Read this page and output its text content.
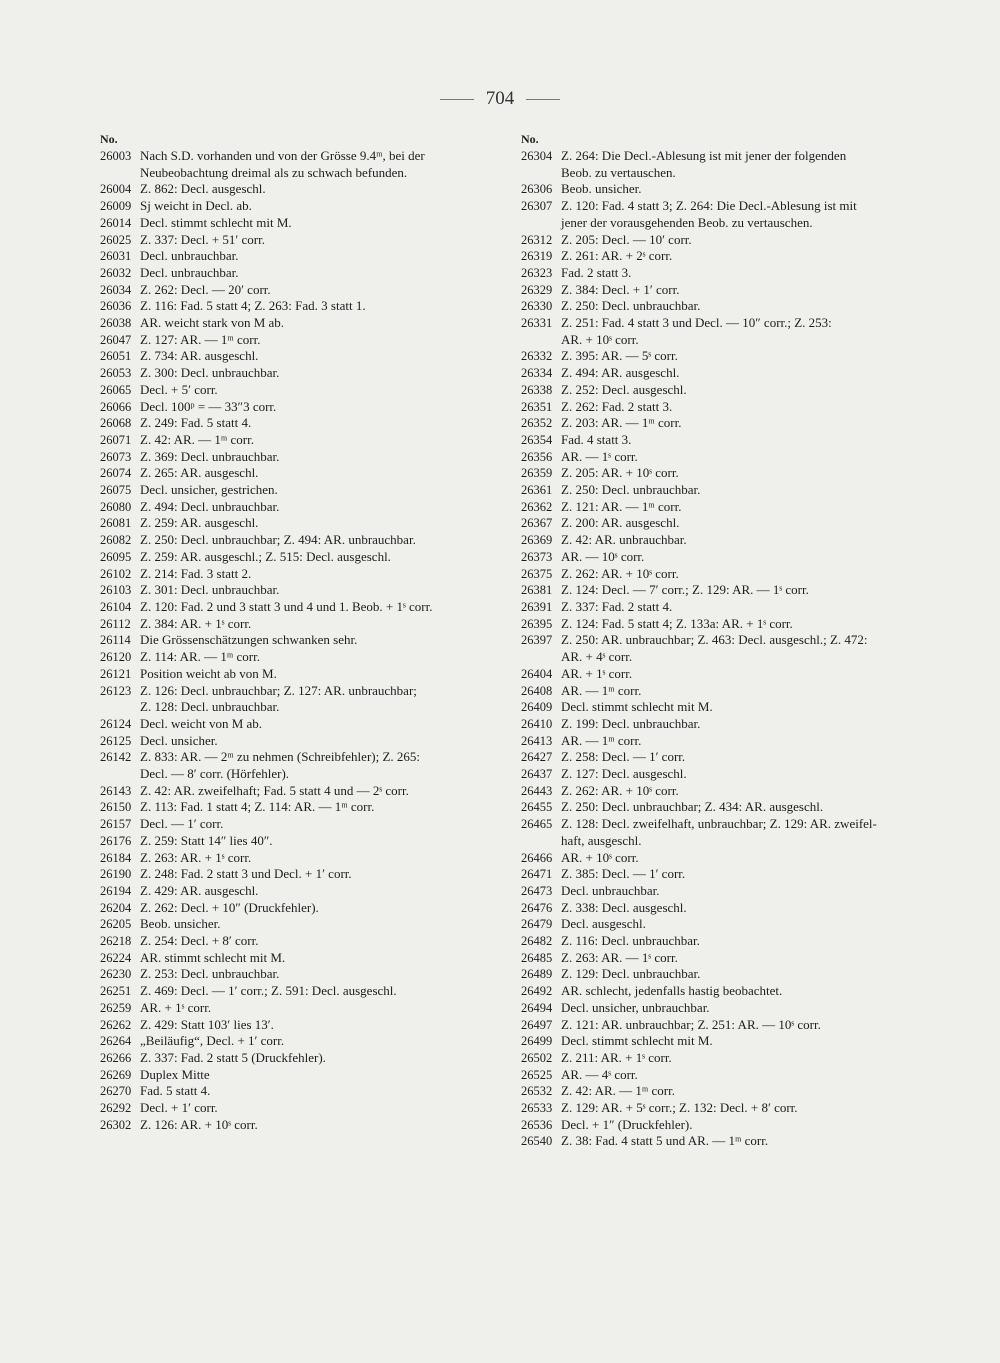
704
No.
26003 Nach S.D. vorhanden und von der Grösse 9.4ᵐ, bei der
Neubeobachtung dreimal als zu schwach befunden.
26004 Z. 862: Decl. ausgeschl.
26009 Sj weicht in Decl. ab.
26014 Decl. stimmt schlecht mit M.
26025 Z. 337: Decl. + 51′ corr.
26031 Decl. unbrauchbar.
26032 Decl. unbrauchbar.
26034 Z. 262: Decl. — 20′ corr.
26036 Z. 116: Fad. 5 statt 4; Z. 263: Fad. 3 statt 1.
26038 AR. weicht stark von M ab.
26047 Z. 127: AR. — 1ᵐ corr.
26051 Z. 734: AR. ausgeschl.
26053 Z. 300: Decl. unbrauchbar.
26065 Decl. + 5′ corr.
26066 Decl. 100ᵖ = — 33″3 corr.
26068 Z. 249: Fad. 5 statt 4.
26071 Z. 42: AR. — 1ᵐ corr.
26073 Z. 369: Decl. unbrauchbar.
26074 Z. 265: AR. ausgeschl.
26075 Decl. unsicher, gestrichen.
26080 Z. 494: Decl. unbrauchbar.
26081 Z. 259: AR. ausgeschl.
26082 Z. 250: Decl. unbrauchbar; Z. 494: AR. unbrauchbar.
26095 Z. 259: AR. ausgeschl.; Z. 515: Decl. ausgeschl.
26102 Z. 214: Fad. 3 statt 2.
26103 Z. 301: Decl. unbrauchbar.
26104 Z. 120: Fad. 2 und 3 statt 3 und 4 und 1. Beob. + 1ˢ corr.
26112 Z. 384: AR. + 1ˢ corr.
26114 Die Grössenschätzungen schwanken sehr.
26120 Z. 114: AR. — 1ᵐ corr.
26121 Position weicht ab von M.
26123 Z. 126: Decl. unbrauchbar; Z. 127: AR. unbrauchbar;
Z. 128: Decl. unbrauchbar.
26124 Decl. weicht von M ab.
26125 Decl. unsicher.
26142 Z. 833: AR. — 2ᵐ zu nehmen (Schreibfehler); Z. 265:
Decl. — 8′ corr. (Hörfehler).
26143 Z. 42: AR. zweifelhaft; Fad. 5 statt 4 und — 2ˢ corr.
26150 Z. 113: Fad. 1 statt 4; Z. 114: AR. — 1ᵐ corr.
26157 Decl. — 1′ corr.
26176 Z. 259: Statt 14″ lies 40″.
26184 Z. 263: AR. + 1ˢ corr.
26190 Z. 248: Fad. 2 statt 3 und Decl. + 1′ corr.
26194 Z. 429: AR. ausgeschl.
26204 Z. 262: Decl. + 10″ (Druckfehler).
26205 Beob. unsicher.
26218 Z. 254: Decl. + 8′ corr.
26224 AR. stimmt schlecht mit M.
26230 Z. 253: Decl. unbrauchbar.
26251 Z. 469: Decl. — 1′ corr.; Z. 591: Decl. ausgeschl.
26259 AR. + 1ˢ corr.
26262 Z. 429: Statt 103′ lies 13′.
26264 „Beiläufig“, Decl. + 1′ corr.
26266 Z. 337: Fad. 2 statt 5 (Druckfehler).
26269 Duplex Mitte
26270 Fad. 5 statt 4.
26292 Decl. + 1′ corr.
26302 Z. 126: AR. + 10ˢ corr.
No.
26304 Z. 264: Die Decl.-Ablesung ist mit jener der folgenden
Beob. zu vertauschen.
26306 Beob. unsicher.
26307 Z. 120: Fad. 4 statt 3; Z. 264: Die Decl.-Ablesung ist mit
jener der vorausgehenden Beob. zu vertauschen.
26312 Z. 205: Decl. — 10′ corr.
26319 Z. 261: AR. + 2ˢ corr.
26323 Fad. 2 statt 3.
26329 Z. 384: Decl. + 1′ corr.
26330 Z. 250: Decl. unbrauchbar.
26331 Z. 251: Fad. 4 statt 3 und Decl. — 10″ corr.; Z. 253:
AR. + 10ˢ corr.
26332 Z. 395: AR. — 5ˢ corr.
26334 Z. 494: AR. ausgeschl.
26338 Z. 252: Decl. ausgeschl.
26351 Z. 262: Fad. 2 statt 3.
26352 Z. 203: AR. — 1ᵐ corr.
26354 Fad. 4 statt 3.
26356 AR. — 1ˢ corr.
26359 Z. 205: AR. + 10ˢ corr.
26361 Z. 250: Decl. unbrauchbar.
26362 Z. 121: AR. — 1ᵐ corr.
26367 Z. 200: AR. ausgeschl.
26369 Z. 42: AR. unbrauchbar.
26373 AR. — 10ˢ corr.
26375 Z. 262: AR. + 10ˢ corr.
26381 Z. 124: Decl. — 7′ corr.; Z. 129: AR. — 1ˢ corr.
26391 Z. 337: Fad. 2 statt 4.
26395 Z. 124: Fad. 5 statt 4; Z. 133a: AR. + 1ˢ corr.
26397 Z. 250: AR. unbrauchbar; Z. 463: Decl. ausgeschl.; Z. 472:
AR. + 4ˢ corr.
26404 AR. + 1ˢ corr.
26408 AR. — 1ᵐ corr.
26409 Decl. stimmt schlecht mit M.
26410 Z. 199: Decl. unbrauchbar.
26413 AR. — 1ᵐ corr.
26427 Z. 258: Decl. — 1′ corr.
26437 Z. 127: Decl. ausgeschl.
26443 Z. 262: AR. + 10ˢ corr.
26455 Z. 250: Decl. unbrauchbar; Z. 434: AR. ausgeschl.
26465 Z. 128: Decl. zweifelhaft, unbrauchbar; Z. 129: AR. zweifel-
haft, ausgeschl.
26466 AR. + 10ˢ corr.
26471 Z. 385: Decl. — 1′ corr.
26473 Decl. unbrauchbar.
26476 Z. 338: Decl. ausgeschl.
26479 Decl. ausgeschl.
26482 Z. 116: Decl. unbrauchbar.
26485 Z. 263: AR. — 1ˢ corr.
26489 Z. 129: Decl. unbrauchbar.
26492 AR. schlecht, jedenfalls hastig beobachtet.
26494 Decl. unsicher, unbrauchbar.
26497 Z. 121: AR. unbrauchbar; Z. 251: AR. — 10ˢ corr.
26499 Decl. stimmt schlecht mit M.
26502 Z. 211: AR. + 1ˢ corr.
26525 AR. — 4ˢ corr.
26532 Z. 42: AR. — 1ᵐ corr.
26533 Z. 129: AR. + 5ˢ corr.; Z. 132: Decl. + 8′ corr.
26536 Decl. + 1″ (Druckfehler).
26540 Z. 38: Fad. 4 statt 5 und AR. — 1ᵐ corr.
